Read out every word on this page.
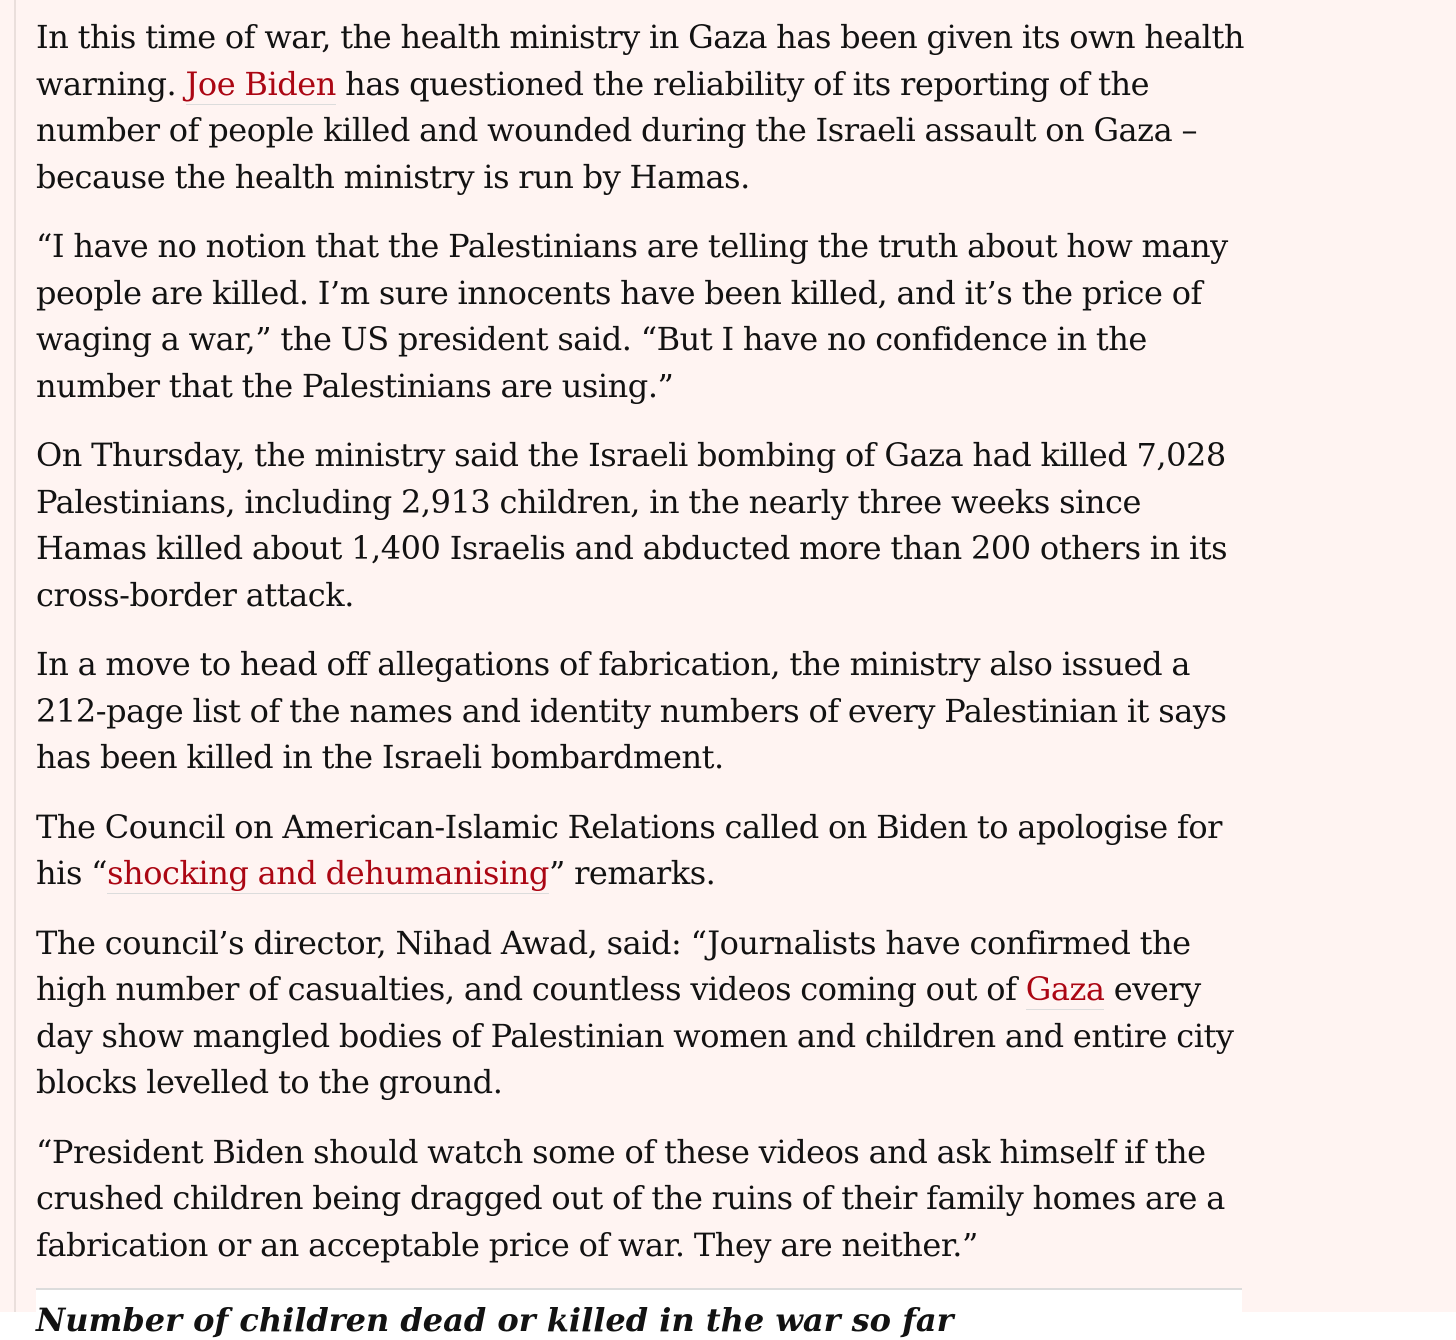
In this time of war, the health ministry in Gaza has been given its own health warning. Joe Biden has questioned the reliability of its reporting of the number of people killed and wounded during the Israeli assault on Gaza – because the health ministry is run by Hamas.

“I have no notion that the Palestinians are telling the truth about how many people are killed. I’m sure innocents have been killed, and it’s the price of waging a war,” the US president said. “But I have no confidence in the number that the Palestinians are using.”

On Thursday, the ministry said the Israeli bombing of Gaza had killed 7,028 Palestinians, including 2,913 children, in the nearly three weeks since Hamas killed about 1,400 Israelis and abducted more than 200 others in its cross-border attack.

In a move to head off allegations of fabrication, the ministry also issued a 212-page list of the names and identity numbers of every Palestinian it says has been killed in the Israeli bombardment.

The Council on American-Islamic Relations called on Biden to apologise for his “shocking and dehumanising” remarks.

The council’s director, Nihad Awad, said: “Journalists have confirmed the high number of casualties, and countless videos coming out of Gaza every day show mangled bodies of Palestinian women and children and entire city blocks levelled to the ground.

“President Biden should watch some of these videos and ask himself if the crushed children being dragged out of the ruins of their family homes are a fabrication or an acceptable price of war. They are neither.”

Number of children dead or killed in the war so far
